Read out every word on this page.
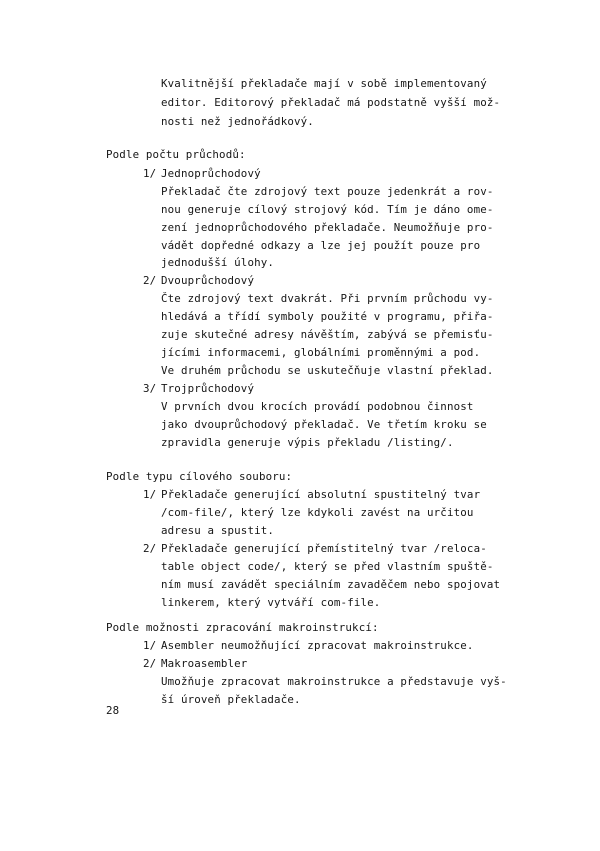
Kvalitnější překladače mají v sobě implementovaný
editor. Editorový překladač má podstatně vyšší mož-
nosti než jednořádkový.
Podle počtu průchodů:
1/ Jednoprůchodový
Překladač čte zdrojový text pouze jedenkrát a rov-
nou generuje cílový strojový kód. Tím je dáno ome-
zení jednoprůchodového překladače. Neumožňuje pro-
vádět dopředné odkazy a lze jej použít pouze pro
jednodušší úlohy.
2/ Dvouprůchodový
Čte zdrojový text dvakrát. Při prvním průchodu vy-
hledává a třídí symboly použité v programu, přiřa-
zuje skutečné adresy návěštím, zabývá se přemisťu-
jícími informacemi, globálními proměnnými a pod.
Ve druhém průchodu se uskutečňuje vlastní překlad.
3/ Trojprůchodový
V prvních dvou krocích provádí podobnou činnost
jako dvouprůchodový překladač. Ve třetím kroku se
zpravidla generuje výpis překladu /listing/.
Podle typu cílového souboru:
1/ Překladače generující absolutní spustitelný tvar
/com-file/, který lze kdykoli zavést na určitou
adresu a spustit.
2/ Překladače generující přemístitelný tvar /reloca-
table object code/, který se před vlastním spuště-
ním musí zavádět speciálním zavaděčem nebo spojovat
linkerem, který vytváří com-file.
Podle možnosti zpracování makroinstrukcí:
1/ Asembler neumožňující zpracovat makroinstrukce.
2/ Makroasembler
Umožňuje zpracovat makroinstrukce a představuje vyš-
ší úroveň překladače.
28
